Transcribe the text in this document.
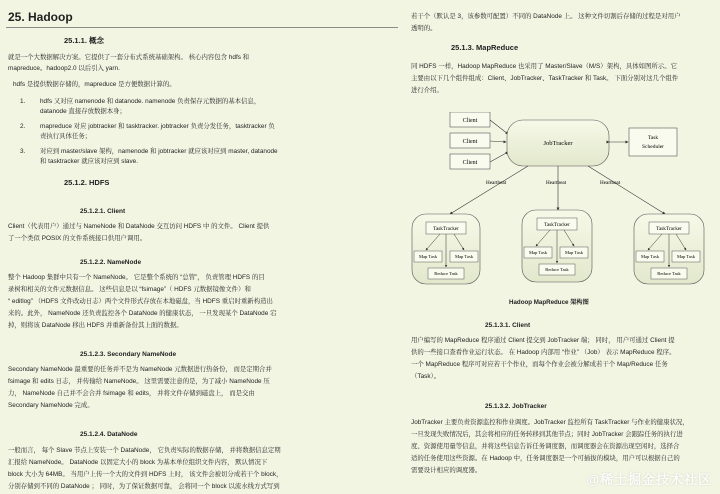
25. Hadoop
25.1.1. 概念
就是一个大数据解决方案。它提供了一套分布式系统基础架构。 核心内容包含 hdfs 和
mapreduce。hadoop2.0 以后引入 yarn.
hdfs 是提供数据存储的，mapreduce 是方便数据计算的。
1. hdfs 又对应 namenode 和 datanode. namenode 负责保存元数据的基本信息，
datanode 直接存放数据本身；
2. mapreduce 对应 jobtracker 和 tasktracker. jobtracker 负责分发任务，tasktracker 负
责执行具体任务；
3. 对应到 master/slave 架构，namenode 和 jobtracker 就应该对应到 master, datanode
和 tasktracker 就应该对应到 slave.
25.1.2. HDFS
25.1.2.1. Client
Client（代表用户）通过与 NameNode 和 DataNode 交互访问 HDFS 中 的文件。 Client 提供
了一个类似 POSIX 的文件系统接口供用户调用。
25.1.2.2. NameNode
整个 Hadoop 集群中只有一个 NameNode。 它是整个系统的 “总管”， 负责管理 HDFS 的目
录树和相关的文件元数据信息。 这些信息是以 “fsimage”（ HDFS 元数据镜像文件）和
“ editlog” （HDFS 文件改动日志）两个文件形式存放在本地磁盘，当 HDFS 重启时重新构造出
来的。此外， NameNode 还负责监控各个 DataNode 的健康状态， 一旦发现某个 DataNode 宕
掉，则将该 DataNode 移出 HDFS 并重新备份其上面的数据。
25.1.2.3. Secondary NameNode
Secondary NameNode 最重要的任务并不是为 NameNode 元数据进行热备份， 而是定期合并
fsimage 和 edits 日志， 并传输给 NameNode。 这里需要注意的是，为了减小 NameNode 压
力， NameNode 自己并不会合并 fsimage 和 edits， 并将文件存储到磁盘上， 而是交由
Secondary NameNode 完成。
25.1.2.4. DataNode
一般而言， 每个 Slave 节点上安装一个 DataNode， 它负责实际的数据存储， 并将数据信息定期
汇报给 NameNode。 DataNode 以固定大小的 block 为基本单位组织文件内容， 默认情况下
block 大小为 64MB。 当用户上传一个大的文件到 HDFS 上时， 该文件会被切分成若干个 block，
分别存储到不同的 DataNode ； 同时，为了保证数据可靠， 会将同一个 block 以流水线方式写到
若干个（默认是 3，该参数可配置）不同的 DataNode 上。 这种文件切割后存储的过程是对用户
透明的。
25.1.3. MapReduce
同 HDFS 一样，Hadoop MapReduce 也采用了 Master/Slave（M/S）架构，具体如图所示。它
主要由以下几个组件组成：Client、JobTracker、TaskTracker 和 Task。 下面分别对这几个组件
进行介绍。
25.1.3.1. Client
用户编写的 MapReduce 程序通过 Client 提交到 JobTracker 端； 同时， 用户可通过 Client 提
供的一些接口查看作业运行状态。 在 Hadoop 内部用 “作业” （Job） 表示 MapReduce 程序。
一个 MapReduce 程序可对应若干个作业，而每个作业会被分解成若干个 Map/Reduce 任务
（Task）。
25.1.3.2. JobTracker
JobTracker 主要负责资源监控和作业调度。JobTracker 监控所有 TaskTracker 与作业的健康状况，
一旦发现失败情况后，其会将相应的任务转移到其他节点；同时 JobTracker 会跟踪任务的执行进
度、资源使用量等信息，并将这些信息告诉任务调度器，而调度器会在资源出现空闲时，选择合
适的任务使用这些资源。在 Hadoop 中，任务调度器是一个可插拔的模块，用户可以根据自己的
需要设计相应的调度器。
Client
Client
Client
JobTracker
Task
Scheduler
Heartbeat	Heartbeat	Heartbeat
TaskTracker
Map Task	Map Task
Reduce Task
TaskTracker
Map Task	Map Task
Reduce Task
TaskTracker
Map Task	Map Task
Reduce Task
Hadoop MapReduce 架构图
@稀土掘金技术社区
